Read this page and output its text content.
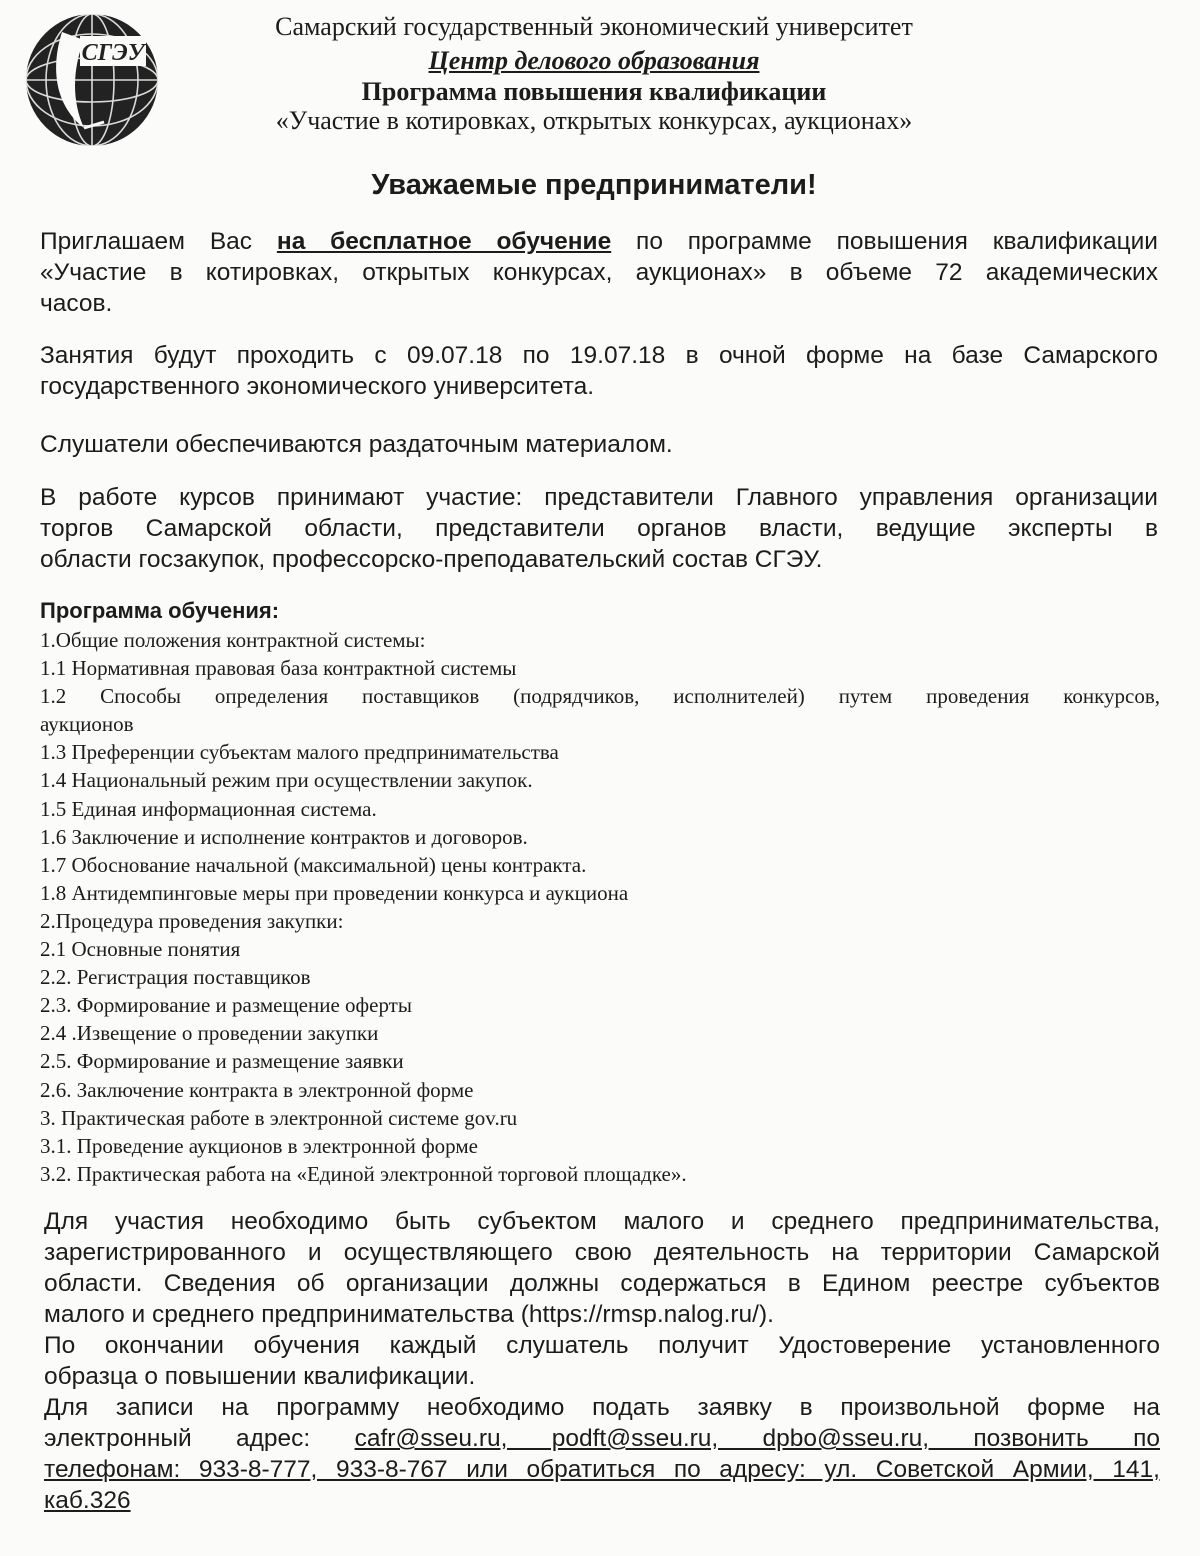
СГЭУ
Самарский государственный экономический университет
Центр делового образования
Программа повышения квалификации
«Участие в котировках, открытых конкурсах, аукционах»
Уважаемые предприниматели!
Приглашаем Вас на бесплатное обучение по программе повышения квалификации
«Участие в котировках, открытых конкурсах, аукционах» в объеме 72 академических
часов.
Занятия будут проходить с 09.07.18 по 19.07.18 в очной форме на базе Самарского
государственного экономического университета.
Слушатели обеспечиваются раздаточным материалом.
В работе курсов принимают участие: представители Главного управления организации
торгов Самарской области, представители органов власти, ведущие эксперты в
области госзакупок, профессорско-преподавательский состав СГЭУ.
Программа обучения:
1.Общие положения контрактной системы:
1.1 Нормативная правовая база контрактной системы
1.2 Способы определения поставщиков (подрядчиков, исполнителей) путем проведения конкурсов,
аукционов
1.3 Преференции субъектам малого предпринимательства
1.4 Национальный режим при осуществлении закупок.
1.5 Единая информационная система.
1.6 Заключение и исполнение контрактов и договоров.
1.7 Обоснование начальной (максимальной) цены контракта.
1.8 Антидемпинговые меры при проведении конкурса и аукциона
2.Процедура проведения закупки:
2.1 Основные понятия
2.2. Регистрация поставщиков
2.3. Формирование и размещение оферты
2.4 .Извещение о проведении закупки
2.5. Формирование и размещение заявки
2.6. Заключение контракта в электронной форме
3. Практическая работе в электронной системе gov.ru
3.1. Проведение аукционов в электронной форме
3.2. Практическая работа на «Единой электронной торговой площадке».
Для участия необходимо быть субъектом малого и среднего предпринимательства,
зарегистрированного и осуществляющего свою деятельность на территории Самарской
области. Сведения об организации должны содержаться в Едином реестре субъектов
малого и среднего предпринимательства (https://rmsp.nalog.ru/).
По окончании обучения каждый слушатель получит Удостоверение установленного
образца о повышении квалификации.
Для записи на программу необходимо подать заявку в произвольной форме на
электронный адрес: cafr@sseu.ru, podft@sseu.ru, dpbo@sseu.ru, позвонить по
телефонам: 933-8-777, 933-8-767 или обратиться по адресу: ул. Советской Армии, 141,
каб.326
